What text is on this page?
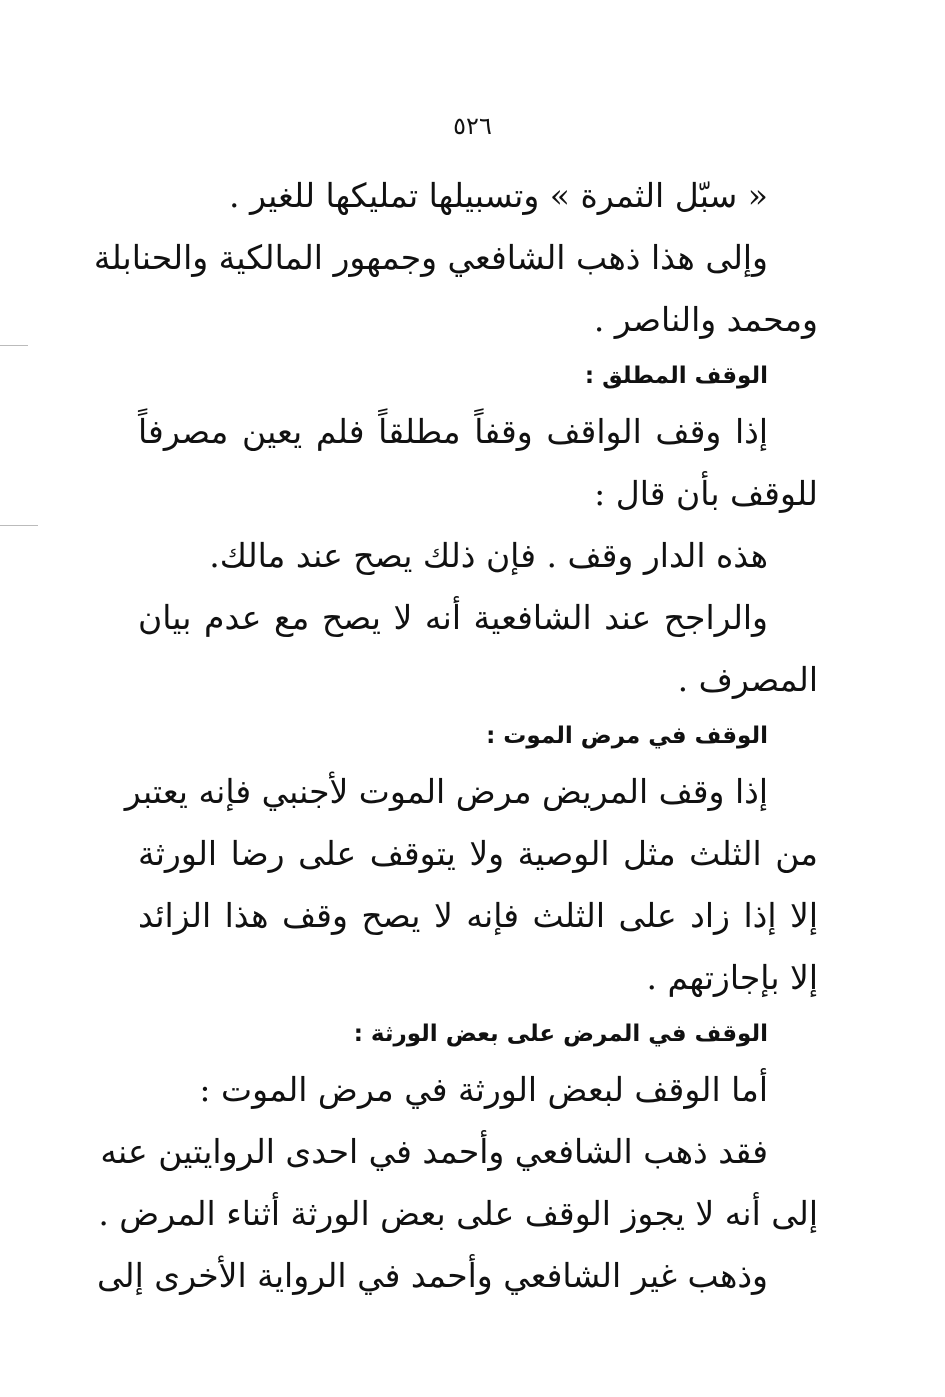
٥٢٦
« سبّل الثمرة » وتسبيلها تمليكها للغير .
وإلى هذا ذهب الشافعي وجمهور المالكية والحنابلة
ومحمد والناصر .
الوقف المطلق :
إذا وقف الواقف وقفاً مطلقاً فلم يعين مصرفاً
للوقف بأن قال :
هذه الدار وقف . فإن ذلك يصح عند مالك.
والراجح عند الشافعية أنه لا يصح مع عدم بيان
المصرف .
الوقف في مرض الموت :
إذا وقف المريض مرض الموت لأجنبي فإنه يعتبر
من الثلث مثل الوصية ولا يتوقف على رضا الورثة
إلا إذا زاد على الثلث فإنه لا يصح وقف هذا الزائد
إلا بإجازتهم .
الوقف في المرض على بعض الورثة :
أما الوقف لبعض الورثة في مرض الموت :
فقد ذهب الشافعي وأحمد في احدى الروايتين عنه
إلى أنه لا يجوز الوقف على بعض الورثة أثناء المرض .
وذهب غير الشافعي وأحمد في الرواية الأخرى إلى
